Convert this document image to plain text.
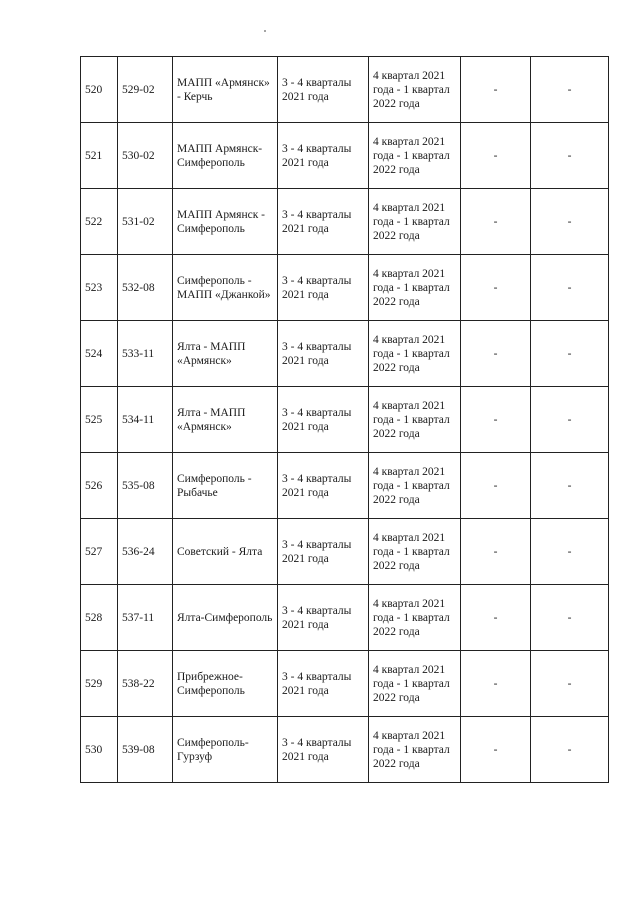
520	529-02	МАПП «Армянск» - Керчь	3 - 4 кварталы 2021 года	4 квартал 2021 года - 1 квартал 2022 года	-	-
521	530-02	МАПП Армянск-Симферополь	3 - 4 кварталы 2021 года	4 квартал 2021 года - 1 квартал 2022 года	-	-
522	531-02	МАПП Армянск - Симферополь	3 - 4 кварталы 2021 года	4 квартал 2021 года - 1 квартал 2022 года	-	-
523	532-08	Симферополь - МАПП «Джанкой»	3 - 4 кварталы 2021 года	4 квартал 2021 года - 1 квартал 2022 года	-	-
524	533-11	Ялта - МАПП «Армянск»	3 - 4 кварталы 2021 года	4 квартал 2021 года - 1 квартал 2022 года	-	-
525	534-11	Ялта - МАПП «Армянск»	3 - 4 кварталы 2021 года	4 квартал 2021 года - 1 квартал 2022 года	-	-
526	535-08	Симферополь - Рыбачье	3 - 4 кварталы 2021 года	4 квартал 2021 года - 1 квартал 2022 года	-	-
527	536-24	Советский - Ялта	3 - 4 кварталы 2021 года	4 квартал 2021 года - 1 квартал 2022 года	-	-
528	537-11	Ялта-Симферополь	3 - 4 кварталы 2021 года	4 квартал 2021 года - 1 квартал 2022 года	-	-
529	538-22	Прибрежное-Симферополь	3 - 4 кварталы 2021 года	4 квартал 2021 года - 1 квартал 2022 года	-	-
530	539-08	Симферополь-Гурзуф	3 - 4 кварталы 2021 года	4 квартал 2021 года - 1 квартал 2022 года	-	-
